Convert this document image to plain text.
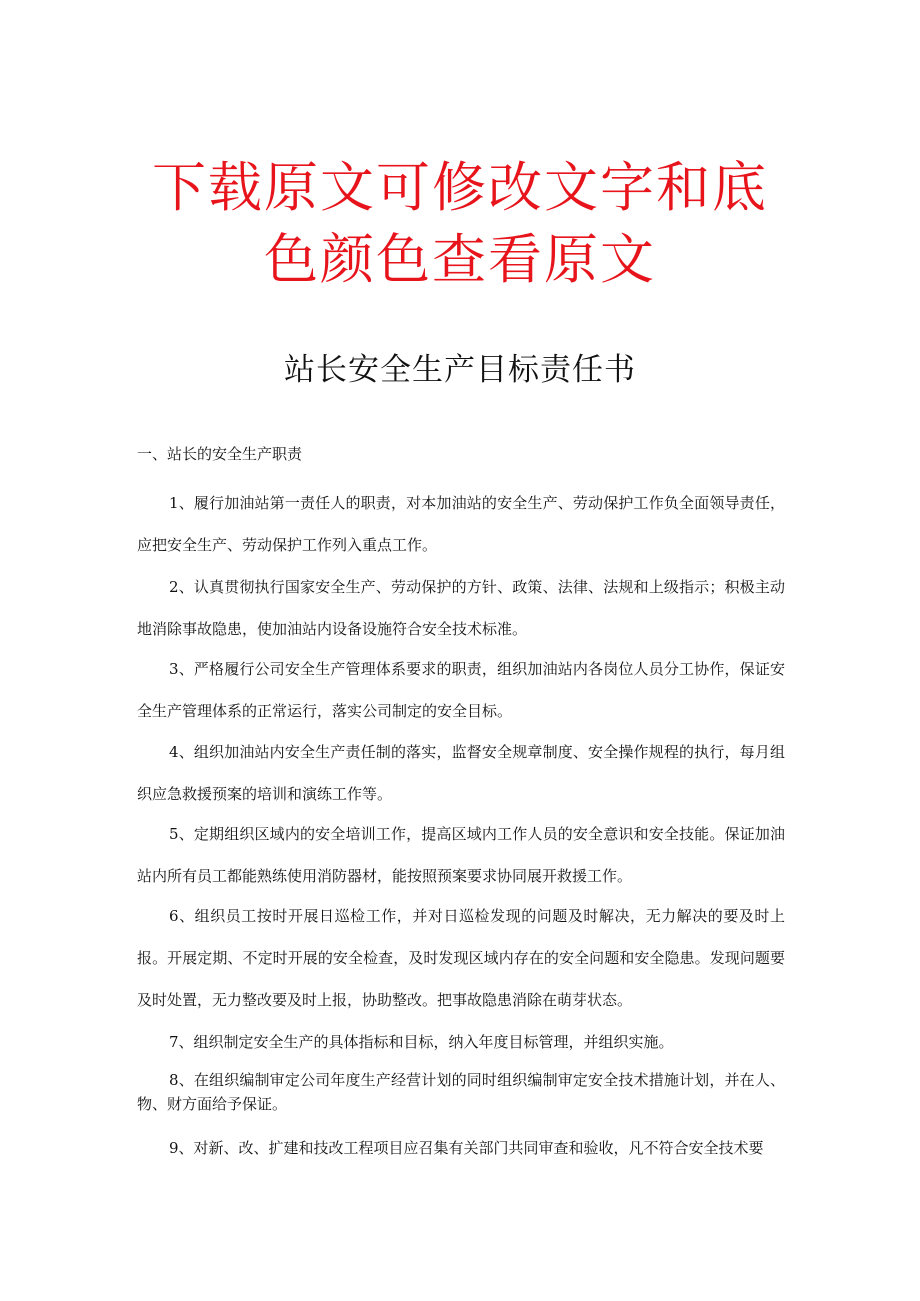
下载原文可修改文字和底
色颜色查看原文
站长安全生产目标责任书
一、站长的安全生产职责

1、履行加油站第一责任人的职责，对本加油站的安全生产、劳动保护工作负全面领导责任，应把安全生产、劳动保护工作列入重点工作。

2、认真贯彻执行国家安全生产、劳动保护的方针、政策、法律、法规和上级指示；积极主动地消除事故隐患，使加油站内设备设施符合安全技术标准。

3、严格履行公司安全生产管理体系要求的职责，组织加油站内各岗位人员分工协作，保证安全生产管理体系的正常运行，落实公司制定的安全目标。

4、组织加油站内安全生产责任制的落实，监督安全规章制度、安全操作规程的执行，每月组织应急救援预案的培训和演练工作等。

5、定期组织区域内的安全培训工作，提高区域内工作人员的安全意识和安全技能。保证加油站内所有员工都能熟练使用消防器材，能按照预案要求协同展开救援工作。

6、组织员工按时开展日巡检工作，并对日巡检发现的问题及时解决，无力解决的要及时上报。开展定期、不定时开展的安全检查，及时发现区域内存在的安全问题和安全隐患。发现问题要及时处置，无力整改要及时上报，协助整改。把事故隐患消除在萌芽状态。

7、组织制定安全生产的具体指标和目标，纳入年度目标管理，并组织实施。

8、在组织编制审定公司年度生产经营计划的同时组织编制审定安全技术措施计划，并在人、物、财方面给予保证。

9、对新、改、扩建和技改工程项目应召集有关部门共同审查和验收，凡不符合安全技术要
